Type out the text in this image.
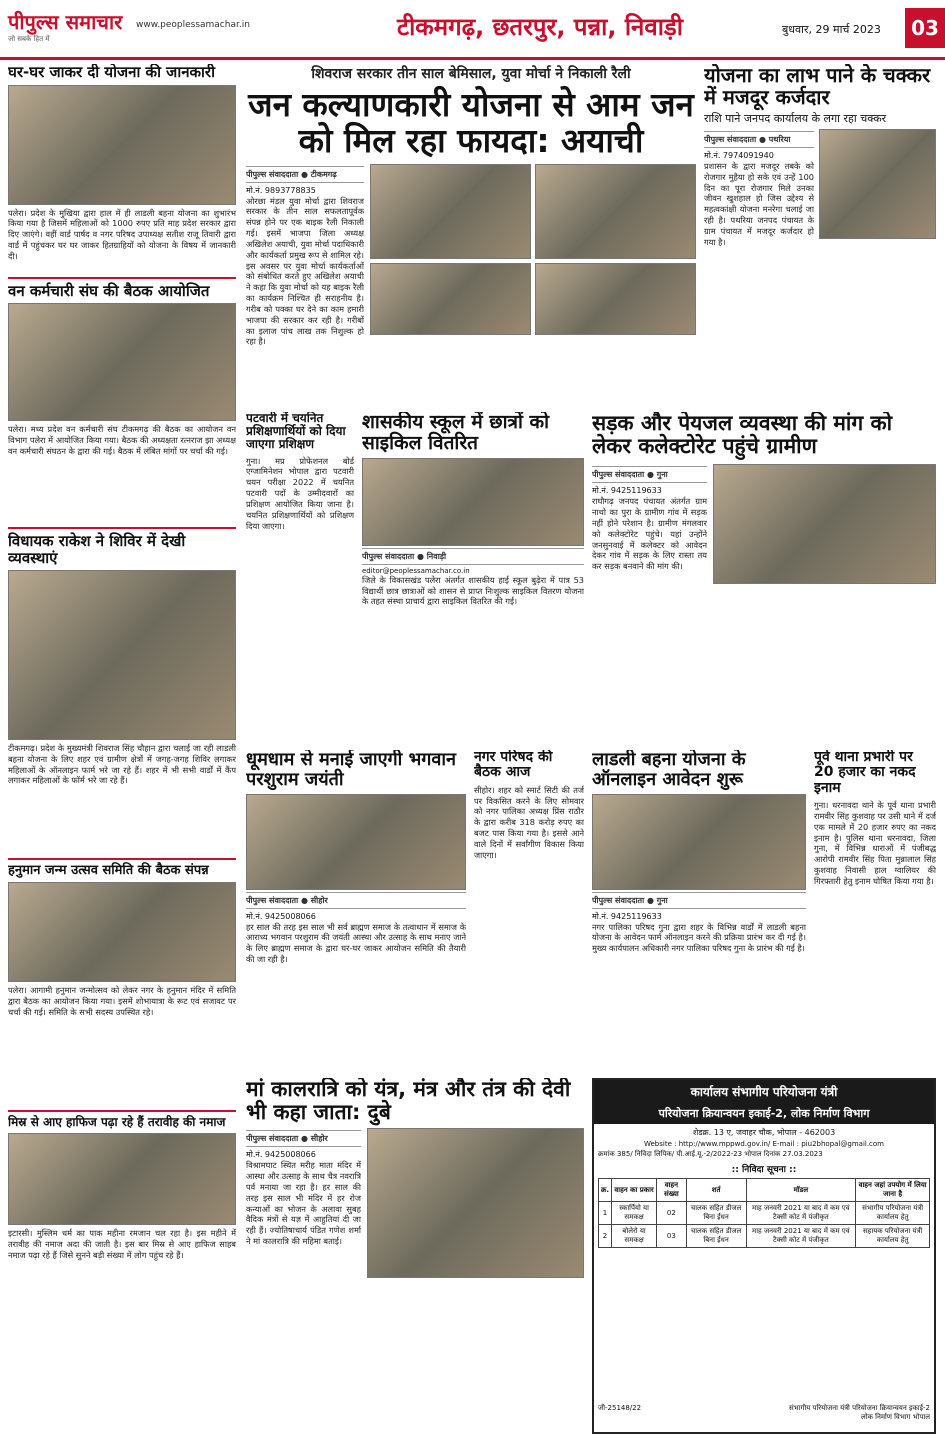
पीपुल्स समाचार
जो सबके हित में
www.peoplessamachar.in	टीकमगढ़, छतरपुर, पन्ना, निवाड़ी	बुधवार, 29 मार्च 2023	03
घर-घर जाकर दी योजना की जानकारी
पलेरा। प्रदेश के मुखिया द्वारा हाल में ही लाडली बहना योजना का शुभारंभ किया गया है जिसमें महिलाओं को 1000 रुपए प्रति माह प्रदेश सरकार द्वारा दिए जाएंगे। वहीं वार्ड पार्षद व नगर परिषद उपाध्यक्ष सतीश राजू तिवारी द्वारा वार्ड में पहुंचकर घर घर जाकर हितग्राहियों को योजना के विषय में जानकारी दी।
वन कर्मचारी संघ की बैठक आयोजित
पलेरा। मध्य प्रदेश वन कर्मचारी संघ टीकमगढ़ की बैठक का आयोजन वन विभाग पलेरा में आयोजित किया गया। बैठक की अध्यक्षता रत्नराज झा अध्यक्ष वन कर्मचारी संघठन के द्वारा की गई। बैठक में लंबित मांगों पर चर्चा की गई।
विधायक राकेश ने शिविर में देखी व्यवस्थाएं
टीकमगढ़। प्रदेश के मुख्यमंत्री शिवराज सिंह चौहान द्वारा चलाई जा रही लाडली बहना योजना के लिए शहर एवं ग्रामीण क्षेत्रों में जगह-जगह शिविर लगाकर महिलाओं के ऑनलाइन फार्म भरे जा रहे हैं। शहर में भी सभी वार्डों में कैंप लगाकर महिलाओं के फॉर्म भरे जा रहे हैं।
हनुमान जन्म उत्सव समिति की बैठक संपन्न
पलेरा। आगामी हनुमान जन्मोत्सव को लेकर नगर के हनुमान मंदिर में समिति द्वारा बैठक का आयोजन किया गया। इसमें शोभायात्रा के रूट एवं सजावट पर चर्चा की गई। समिति के सभी सदस्य उपस्थित रहे।
मिस्र से आए हाफिज पढ़ा रहे हैं तरावीह की नमाज
इटारसी। मुस्लिम धर्म का पाक महीना रमजान चल रहा है। इस महीने में तरावीह की नमाज अदा की जाती है। इस बार मिस्र से आए हाफिज साहब नमाज पढ़ा रहे हैं जिसे सुनने बड़ी संख्या में लोग पहुंच रहे हैं।
शिवराज सरकार तीन साल बेमिसाल, युवा मोर्चा ने निकाली रैली
जन कल्याणकारी योजना से आम जन को मिल रहा फायदा: अयाची
पीपुल्स संवाददाता ● टीकमगढ़
मो.नं. 9893778835
ओरछा मंडल युवा मोर्चा द्वारा शिवराज सरकार के तीन साल सफलतापूर्वक संपन्न होने पर एक बाइक रैली निकाली गई। इसमें भाजपा जिला अध्यक्ष अखिलेश अयाची, युवा मोर्चा पदाधिकारी और कार्यकर्ता प्रमुख रूप से शामिल रहे। इस अवसर पर युवा मोर्चा कार्यकर्ताओं को संबोधित करते हुए अखिलेश अयाची ने कहा कि युवा मोर्चा को यह बाइक रैली का कार्यक्रम निश्चित ही सराहनीय है। गरीब को पक्का घर देने का काम हमारी भाजपा की सरकार कर रही है। गरीबों का इलाज पांच लाख तक निशुल्क हो रहा है।
योजना का लाभ पाने के चक्कर में मजदूर कर्जदार
राशि पाने जनपद कार्यालय के लगा रहा चक्कर
पीपुल्स संवाददाता ● पथरिया
मो.नं. 7974091940
प्रशासन के द्वारा मजदूर तबके को रोजगार मुहैया हो सके एवं उन्हें 100 दिन का पूरा रोजगार मिले उनका जीवन खुशहाल हो जिस उद्देश्य से महत्वकांक्षी योजना मनरेगा चलाई जा रही है। पथरिया जनपद पंचायत के ग्राम पंचायत में मजदूर कर्जदार हो गया है।
पटवारी में चयनित प्रशिक्षणार्थियों को दिया जाएगा प्रशिक्षण
गुना। मप्र प्रोफेशनल बोर्ड एग्जामिनेशन भोपाल द्वारा पटवारी चयन परीक्षा 2022 में चयनित पटवारी पदों के उम्मीदवारों का प्रशिक्षण आयोजित किया जाना है। चयनित प्रशिक्षणार्थियों को प्रशिक्षण दिया जाएगा।
शासकीय स्कूल में छात्रों को साइकिल वितरित
पीपुल्स संवाददाता ● निवाड़ी
editor@peoplessamachar.co.in
जिले के विकासखंड पलेरा अंतर्गत शासकीय हाई स्कूल बुढ़ेरा में पात्र 53 विद्यार्थी छात्र छात्राओं को शासन से प्राप्त निःशुल्क साइकिल वितरण योजना के तहत संस्था प्राचार्य द्वारा साइकिल वितरित की गई।
सड़क और पेयजल व्यवस्था की मांग को लेकर कलेक्टोरेट पहुंचे ग्रामीण
पीपुल्स संवाददाता ● गुना
मो.नं. 9425119633
राघौगढ़ जनपद पंचायत अंतर्गत ग्राम नाथो का पुरा के ग्रामीण गांव में सड़क नहीं होने परेशान है। ग्रामीण मंगलवार को कलेक्टोरेट पहुंचे। यहां उन्होंने जनसुनवाई में कलेक्टर को आवेदन देकर गांव में सड़क के लिए रास्ता तय कर सड़क बनवाने की मांग की।
धूमधाम से मनाई जाएगी भगवान परशुराम जयंती
पीपुल्स संवाददाता ● सीहोर
मो.नं. 9425008066
हर साल की तरह इस साल भी सर्व ब्राह्मण समाज के तत्वाधान में समाज के आराध्य भगवान परशुराम की जयंती आस्था और उत्साह के साथ मनाए जाने के लिए ब्राह्मण समाज के द्वारा घर-घर जाकर आयोजन समिति की तैयारी की जा रही है।
नगर परिषद की बैठक आज
सीहोर। शहर को स्मार्ट सिटी की तर्ज पर विकसित करने के लिए सोमवार को नगर पालिका अध्यक्ष प्रिंस राठौर के द्वारा करीब 318 करोड़ रुपए का बजट पास किया गया है। इससे आने वाले दिनों में सर्वांगीण विकास किया जाएगा।
लाडली बहना योजना के ऑनलाइन आवेदन शुरू
पीपुल्स संवाददाता ● गुना
मो.नं. 9425119633
नगर पालिका परिषद गुना द्वारा शहर के विभिन्न वार्डों में लाडली बहना योजना के आवेदन फार्म ऑनलाइन करने की प्रक्रिया प्रारंभ कर दी गई है। मुख्य कार्यपालन अधिकारी नगर पालिका परिषद गुना के प्रारंभ की गई है।
पूर्व थाना प्रभारी पर 20 हजार का नकद इनाम
गुना। धरनावदा थाने के पूर्व थाना प्रभारी रामवीर सिंह कुशवाह पर उसी थाने में दर्ज एक मामले में 20 हजार रुपए का नकद इनाम है। पुलिस थाना धरनावदा, जिला गुना, में विभिन्न धाराओं में पंजीबद्ध आरोपी रामवीर सिंह पिता मुन्नालाल सिंह कुशवाह निवासी हाल ग्वालियर की गिरफ्तारी हेतु इनाम घोषित किया गया है।
मां कालरात्रि को यंत्र, मंत्र और तंत्र की देवी भी कहा जाता: दुबे
पीपुल्स संवाददाता ● सीहोर
मो.नं. 9425008066
विश्रामघाट स्थित मरीह माता मंदिर में आस्था और उत्साह के साथ चैत्र नवरात्रि पर्व मनाया जा रहा है। हर साल की तरह इस साल भी मंदिर में हर रोज कन्याओं का भोजन के अलावा सुबह वैदिक मंत्रों से यज्ञ में आहुतियां दी जा रही हैं। ज्योतिषाचार्य पंडित गणेश शर्मा ने मां कालरात्रि की महिमा बताई।
कार्यालय संभागीय परियोजना यंत्री
परियोजना क्रियान्वयन इकाई-2, लोक निर्माण विभाग
शेडक्र. 13 ए, जवाहर चौक, भोपाल - 462003
Website : http://www.mppwd.gov.in/ E-mail : piu2bhopal@gmail.com
क्रमांक 385/ निविदा लिपिक/ पी.आई.यू.-2/2022-23 भोपाल दिनांक 27.03.2023
:: निविदा सूचना ::
क्र.	वाहन का प्रकार	वाहन संख्या	शर्त	मॉडल	वाहन जहां उपयोग में लिया जाना है
1	स्कार्पियो या समकक्ष	02	चालक सहित डीजल बिना ईंधन	माह जनवरी 2021 या बाद में कम एवं टैक्सी कोट में पंजीकृत	संभागीय परियोजना यंत्री कार्यालय हेतु
2	बोलेरो या समकक्ष	03	चालक सहित डीजल बिना ईंधन	माह जनवरी 2021 या बाद में कम एवं टैक्सी कोट में पंजीकृत	सहायक परियोजना यंत्री कार्यालय हेतु
जी-25148/22	संभागीय परियोजना यंत्री परियोजना क्रियान्वयन इकाई-2 लोक निर्माण विभाग भोपाल
